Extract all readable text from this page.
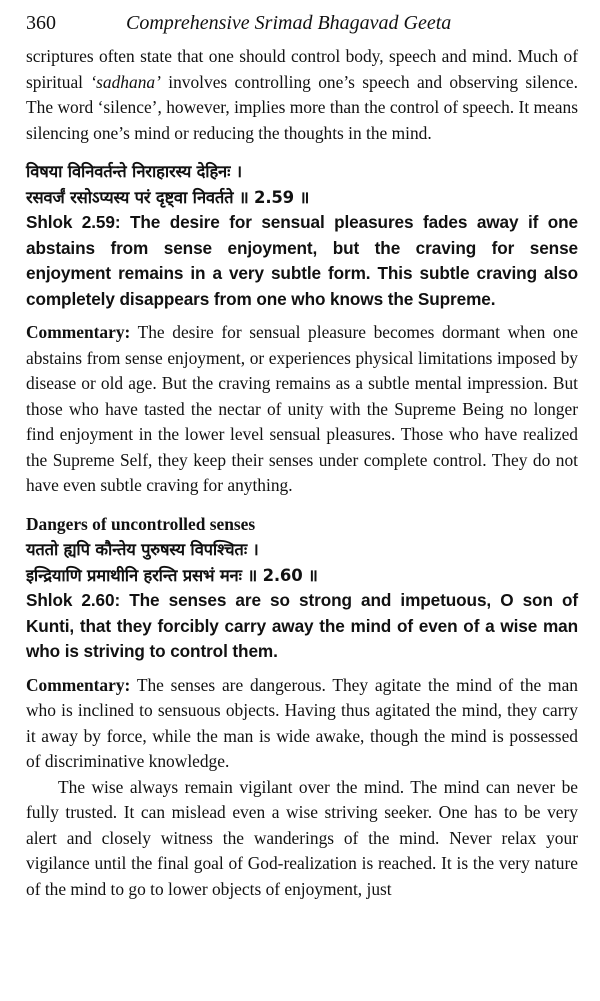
360	Comprehensive Srimad Bhagavad Geeta

scriptures often state that one should control body, speech and mind. Much of spiritual ‘sadhana’ involves controlling one’s speech and observing silence. The word ‘silence’, however, implies more than the control of speech. It means silencing one’s mind or reducing the thoughts in the mind.

विषया विनिवर्तन्ते निराहारस्य देहिनः ।

रसवर्जं रसोऽप्यस्य परं दृष्ट्वा निवर्तते ॥ 2.59 ॥

Shlok 2.59: The desire for sensual pleasures fades away if one abstains from sense enjoyment, but the craving for sense enjoyment remains in a very subtle form. This subtle craving also completely disappears from one who knows the Supreme.

Commentary: The desire for sensual pleasure becomes dormant when one abstains from sense enjoyment, or experiences physical limitations imposed by disease or old age. But the craving remains as a subtle mental impression. But those who have tasted the nectar of unity with the Supreme Being no longer find enjoyment in the lower level sensual pleasures. Those who have realized the Supreme Self, they keep their senses under complete control. They do not have even subtle craving for anything.

Dangers of uncontrolled senses

यततो ह्यपि कौन्तेय पुरुषस्य विपश्चितः ।

इन्द्रियाणि प्रमाथीनि हरन्ति प्रसभं मनः ॥ 2.60 ॥

Shlok 2.60: The senses are so strong and impetuous, O son of Kunti, that they forcibly carry away the mind of even of a wise man who is striving to control them.

Commentary: The senses are dangerous. They agitate the mind of the man who is inclined to sensuous objects. Having thus agitated the mind, they carry it away by force, while the man is wide awake, though the mind is possessed of discriminative knowledge.

The wise always remain vigilant over the mind. The mind can never be fully trusted. It can mislead even a wise striving seeker. One has to be very alert and closely witness the wanderings of the mind. Never relax your vigilance until the final goal of God-realization is reached. It is the very nature of the mind to go to lower objects of enjoyment, just
